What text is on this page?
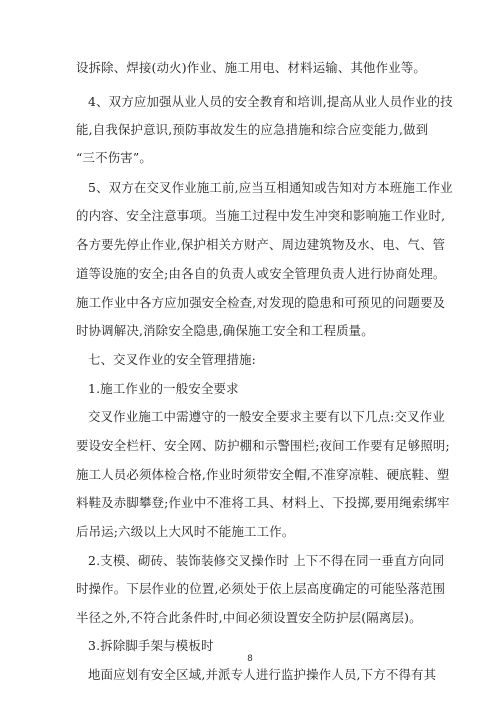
设拆除、焊接(动火)作业、施工用电、材料运输、其他作业等。
4、双方应加强从业人员的安全教育和培训,提高从业人员作业的技
能,自我保护意识,预防事故发生的应急措施和综合应变能力,做到
“三不伤害”。
5、双方在交叉作业施工前,应当互相通知或告知对方本班施工作业
的内容、安全注意事项。当施工过程中发生冲突和影响施工作业时,
各方要先停止作业,保护相关方财产、周边建筑物及水、电、气、管
道等设施的安全;由各自的负责人或安全管理负责人进行协商处理。
施工作业中各方应加强安全检查,对发现的隐患和可预见的问题要及
时协调解决,消除安全隐患,确保施工安全和工程质量。
七、交叉作业的安全管理措施:
1.施工作业的一般安全要求
交叉作业施工中需遵守的一般安全要求主要有以下几点:交叉作业
要设安全栏杆、安全网、防护棚和示警围栏;夜间工作要有足够照明;
施工人员必须体检合格,作业时须带安全帽,不准穿凉鞋、硬底鞋、塑
料鞋及赤脚攀登;作业中不准将工具、材料上、下投掷,要用绳索绑牢
后吊运;六级以上大风时不能施工工作。
2.支模、砌砖、装饰装修交叉操作时 上下不得在同一垂直方向同
时操作。下层作业的位置,必须处于依上层高度确定的可能坠落范围
半径之外,不符合此条件时,中间必须设置安全防护层(隔离层)。
3.拆除脚手架与模板时
地面应划有安全区域,并派专人进行监护操作人员,下方不得有其
8
